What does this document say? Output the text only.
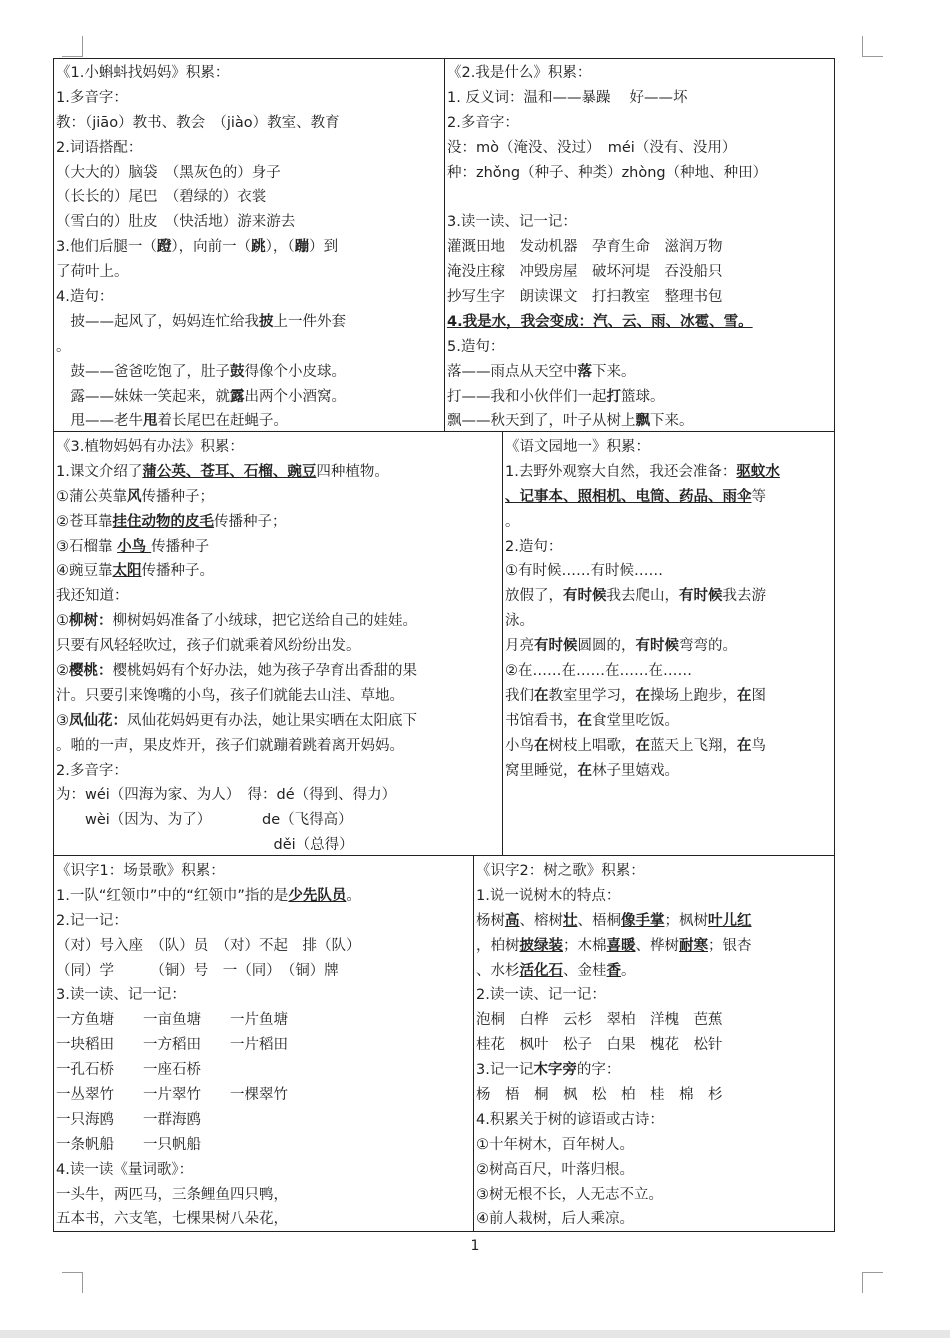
《1.小蝌蚪找妈妈》积累：
1.多音字：
教：（jiāo）教书、教会　（jiào）教室、教育
2.词语搭配：
（大大的）脑袋　（黑灰色的）身子
（长长的）尾巴　（碧绿的）衣裳
（雪白的）肚皮　（快活地）游来游去
3.他们后腿一（蹬），向前一（跳），（蹦）到
了荷叶上。
4.造句：
　披——起风了，妈妈连忙给我披上一件外套
。
　鼓——爸爸吃饱了，肚子鼓得像个小皮球。
　露——妹妹一笑起来，就露出两个小酒窝。
　甩——老牛甩着长尾巴在赶蝇子。
《2.我是什么》积累：
1. 反义词：温和——暴躁　 好——坏
2.多音字：
没：mò（淹没、没过）　méi（没有、没用）
种：zhǒng（种子、种类）zhòng（种地、种田）
3.读一读、记一记：
灌溉田地　发动机器　孕育生命　滋润万物
淹没庄稼　冲毁房屋　破坏河堤　吞没船只
抄写生字　朗读课文　打扫教室　整理书包
4.我是水，我会变成：汽、云、雨、冰雹、雪。
5.造句：
落——雨点从天空中落下来。
打——我和小伙伴们一起打篮球。
飘——秋天到了，叶子从树上飘下来。
《3.植物妈妈有办法》积累：
1.课文介绍了蒲公英、苍耳、石榴、豌豆四种植物。
①蒲公英靠风传播种子；
②苍耳靠挂住动物的皮毛传播种子；
③石榴靠 小鸟 传播种子
④豌豆靠太阳传播种子。
我还知道：
①柳树：柳树妈妈准备了小绒球，把它送给自己的娃娃。
只要有风轻轻吹过，孩子们就乘着风纷纷出发。
②樱桃：樱桃妈妈有个好办法，她为孩子孕育出香甜的果
汁。只要引来馋嘴的小鸟，孩子们就能去山洼、草地。
③凤仙花：凤仙花妈妈更有办法，她让果实晒在太阳底下
。啪的一声，果皮炸开，孩子们就蹦着跳着离开妈妈。
2.多音字：
为：wéi（四海为家、为人）　得：dé（得到、得力）
　　wèi（因为、为了）　　　　de（飞得高）
　　　　　　　　　　　　　　　děi（总得）
《语文园地一》积累：
1.去野外观察大自然，我还会准备：驱蚊水
、记事本、照相机、电筒、药品、雨伞等
。
2.造句：
①有时候……有时候……
放假了，有时候我去爬山，有时候我去游
泳。
月亮有时候圆圆的，有时候弯弯的。
②在……在……在……在……
我们在教室里学习，在操场上跑步，在图
书馆看书，在食堂里吃饭。
小鸟在树枝上唱歌，在蓝天上飞翔，在鸟
窝里睡觉，在林子里嬉戏。
《识字1：场景歌》积累：
1.一队“红领巾”中的“红领巾”指的是少先队员。
2.记一记：
（对）号入座　（队）员　（对）不起　排（队）
（同）学　　　（铜）号　一（同）　（铜）牌
3.读一读、记一记：
一方鱼塘　　一亩鱼塘　　一片鱼塘
一块稻田　　一方稻田　　一片稻田
一孔石桥　　一座石桥
一丛翠竹　　一片翠竹　　一棵翠竹
一只海鸥　　一群海鸥
一条帆船　　一只帆船
4.读一读《量词歌》：
一头牛，两匹马，三条鲤鱼四只鸭，
五本书，六支笔，七棵果树八朵花，
《识字2：树之歌》积累：
1.说一说树木的特点：
杨树高、榕树壮、梧桐像手掌；枫树叶儿红
，柏树披绿装；木棉喜暖、桦树耐寒；银杏
、水杉活化石、金桂香。
2.读一读、记一记：
泡桐　白桦　云杉　翠柏　洋槐　芭蕉
桂花　枫叶　松子　白果　槐花　松针
3.记一记木字旁的字：
杨　梧　桐　枫　松　柏　桂　棉　杉
4.积累关于树的谚语或古诗：
①十年树木，百年树人。
②树高百尺，叶落归根。
③树无根不长，人无志不立。
④前人栽树，后人乘凉。
1
